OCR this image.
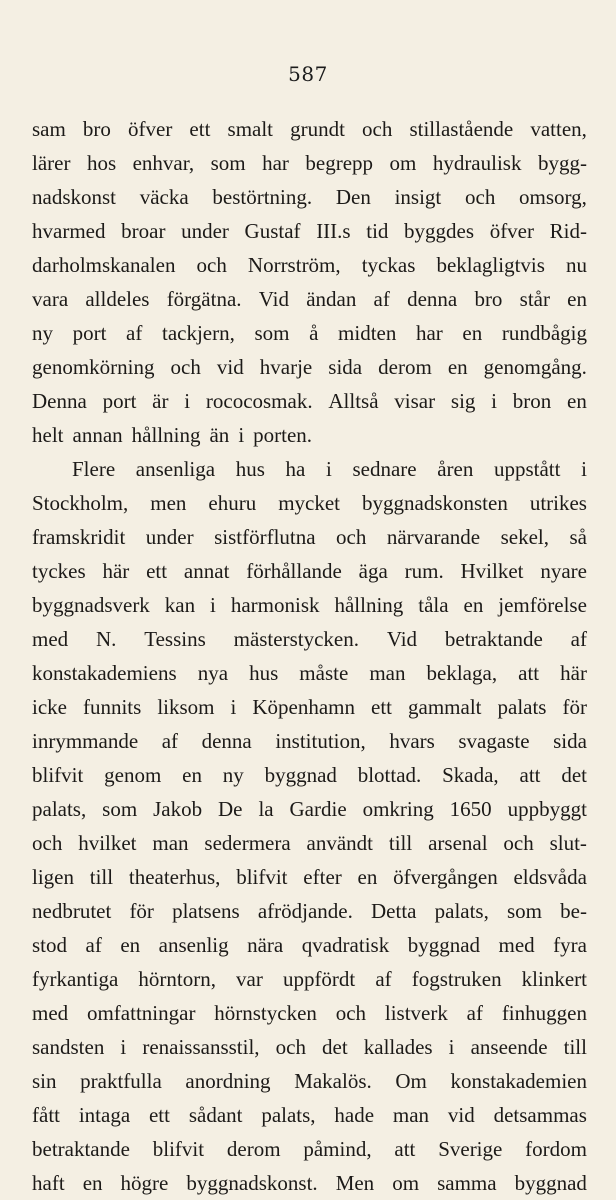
587
sam bro öfver ett smalt grundt och stillastående vatten,
lärer hos enhvar, som har begrepp om hydraulisk bygg-
nadskonst väcka bestörtning. Den insigt och omsorg,
hvarmed broar under Gustaf III.s tid byggdes öfver Rid-
darholmskanalen och Norrström, tyckas beklagligtvis nu
vara alldeles förgätna. Vid ändan af denna bro står en
ny port af tackjern, som å midten har en rundbågig
genomkörning och vid hvarje sida derom en genomgång.
Denna port är i rococosmak. Alltså visar sig i bron en
helt annan hållning än i porten.
Flere ansenliga hus ha i sednare åren uppstått i
Stockholm, men ehuru mycket byggnadskonsten utrikes
framskridit under sistförflutna och närvarande sekel, så
tyckes här ett annat förhållande äga rum. Hvilket nyare
byggnadsverk kan i harmonisk hållning tåla en jemförelse
med N. Tessins mästerstycken. Vid betraktande af
konstakademiens nya hus måste man beklaga, att här
icke funnits liksom i Köpenhamn ett gammalt palats för
inrymmande af denna institution, hvars svagaste sida
blifvit genom en ny byggnad blottad. Skada, att det
palats, som Jakob De la Gardie omkring 1650 uppbyggt
och hvilket man sedermera användt till arsenal och slut-
ligen till theaterhus, blifvit efter en öfvergången eldsvåda
nedbrutet för platsens afrödjande. Detta palats, som be-
stod af en ansenlig nära qvadratisk byggnad med fyra
fyrkantiga hörntorn, var uppfördt af fogstruken klinkert
med omfattningar hörnstycken och listverk af finhuggen
sandsten i renaissansstil, och det kallades i anseende till
sin praktfulla anordning Makalös. Om konstakademien
fått intaga ett sådant palats, hade man vid detsammas
betraktande blifvit derom påmind, att Sverige fordom
haft en högre byggnadskonst. Men om samma byggnad
